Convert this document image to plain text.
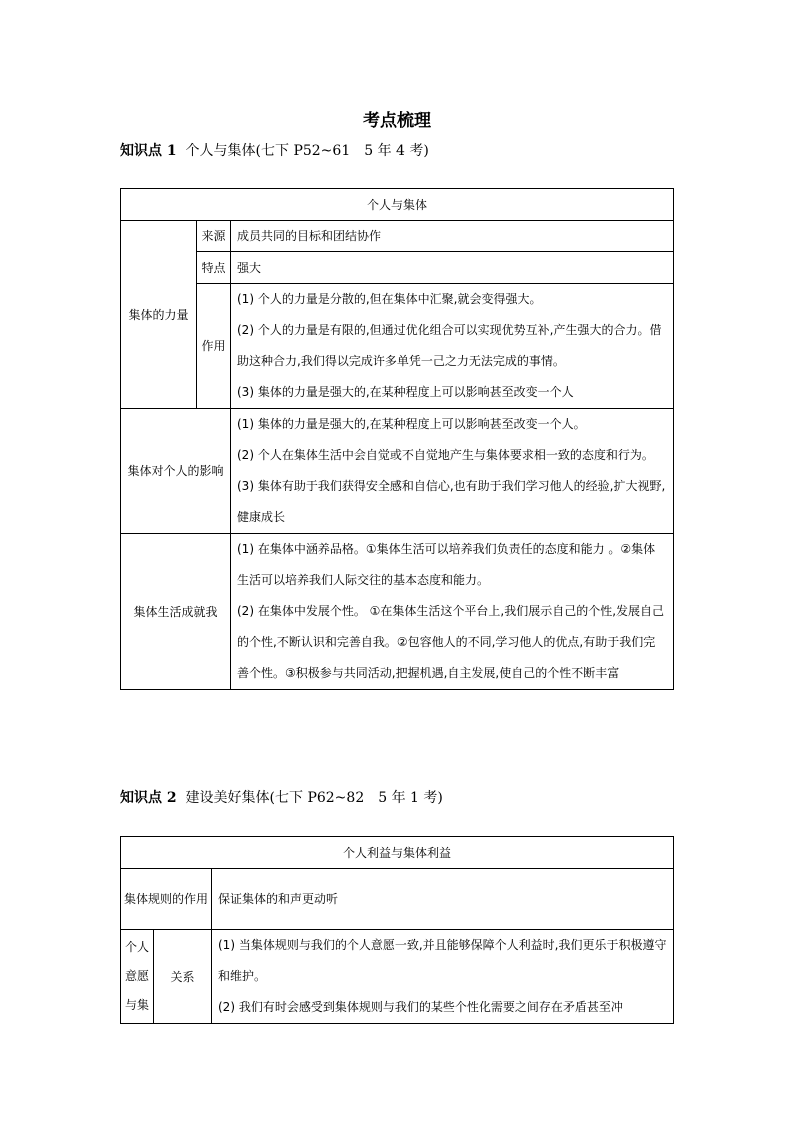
考点梳理
知识点 1 个人与集体(七下 P52~61　5 年 4 考)
个人与集体		
集体的力量	来源	成员共同的目标和团结协作
	特点	强大
	作用	(1) 个人的力量是分散的,但在集体中汇聚,就会变得强大。
(2) 个人的力量是有限的,但通过优化组合可以实现优势互补,产生强大的合力。借助这种合力,我们得以完成许多单凭一己之力无法完成的事情。
(3) 集体的力量是强大的,在某种程度上可以影响甚至改变一个人

集体对个人的影响		(1) 集体的力量是强大的,在某种程度上可以影响甚至改变一个人。
(2) 个人在集体生活中会自觉或不自觉地产生与集体要求相一致的态度和行为。
(3) 集体有助于我们获得安全感和自信心,也有助于我们学习他人的经验,扩大视野,健康成长

集体生活成就我		(1) 在集体中涵养品格。①集体生活可以培养我们负责任的态度和能力 。②集体生活可以培养我们人际交往的基本态度和能力。
(2) 在集体中发展个性。 ①在集体生活这个平台上,我们展示自己的个性,发展自己的个性,不断认识和完善自我。②包容他人的不同,学习他人的优点,有助于我们完善个性。③积极参与共同活动,把握机遇,自主发展,使自己的个性不断丰富
知识点 2 建设美好集体(七下 P62~82　5 年 1 考)
个人利益与集体利益		
集体规则的作用		保证集体的和声更动听
个人意愿与集	关系	(1) 当集体规则与我们的个人意愿一致,并且能够保障个人利益时,我们更乐于积极遵守和维护。
(2) 我们有时会感受到集体规则与我们的某些个性化需要之间存在矛盾甚至冲
